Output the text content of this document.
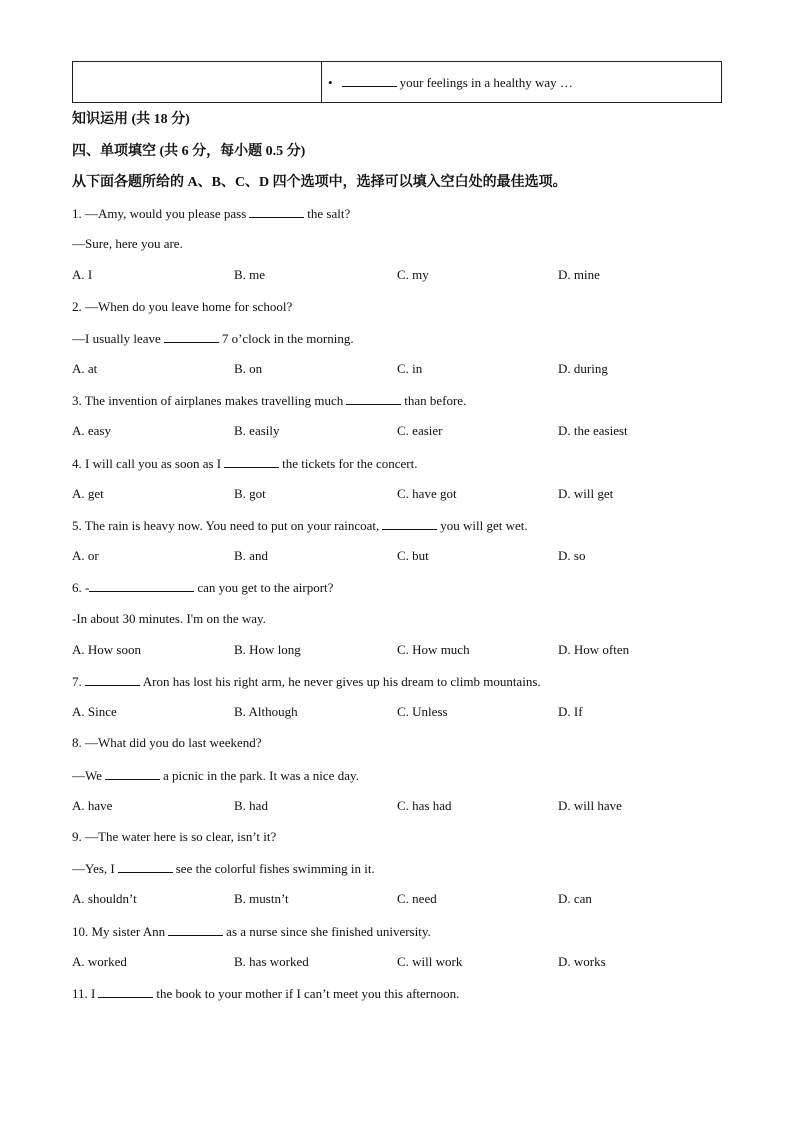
	•	your feelings in a healthy way …
知识运用 (共 18 分)
四、单项填空 (共 6 分，每小题 0.5 分)
从下面各题所给的 A、B、C、D 四个选项中，选择可以填入空白处的最佳选项。
1. —Amy, would you please pass	the salt?
—Sure, here you are.
A. I	B. me	C. my	D. mine
2. —When do you leave home for school?
—I usually leave	7 o’clock in the morning.
A. at	B. on	C. in	D. during
3. The invention of airplanes makes travelling much	than before.
A. easy	B. easily	C. easier	D. the easiest
4. I will call you as soon as I	the tickets for the concert.
A. get	B. got	C. have got	D. will get
5. The rain is heavy now. You need to put on your raincoat,	you will get wet.
A. or	B. and	C. but	D. so
6. -	can you get to the airport?
-In about 30 minutes. I'm on the way.
A. How soon	B. How long	C. How much	D. How often
7.	Aron has lost his right arm, he never gives up his dream to climb mountains.
A. Since	B. Although	C. Unless	D. If
8. —What did you do last weekend?
—We	a picnic in the park. It was a nice day.
A. have	B. had	C. has had	D. will have
9. —The water here is so clear, isn’t it?
—Yes, I	see the colorful fishes swimming in it.
A. shouldn’t	B. mustn’t	C. need	D. can
10. My sister Ann	as a nurse since she finished university.
A. worked	B. has worked	C. will work	D. works
11. I	the book to your mother if I can’t meet you this afternoon.
